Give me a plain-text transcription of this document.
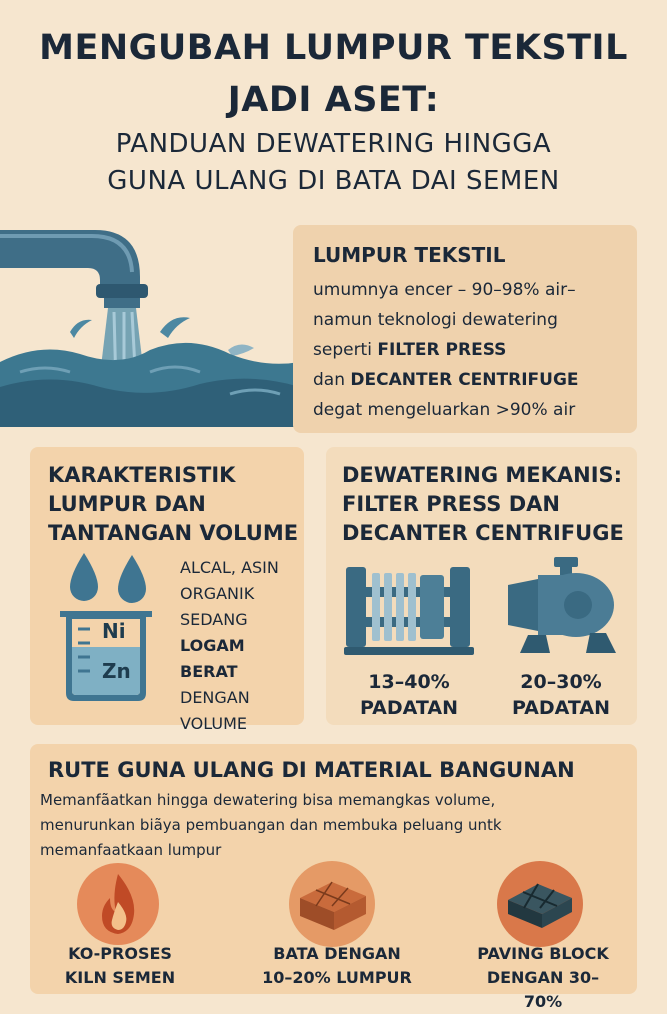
MENGUBAH LUMPUR TEKSTIL
JADI ASET:
PANDUAN DEWATERING HINGGA
GUNA ULANG DI BATA DAI SEMEN
LUMPUR TEKSTIL
umumnya encer – 90–98% air–
namun teknologi dewatering
seperti FILTER PRESS
dan DECANTER CENTRIFUGE
degat mengeluarkan >90% air
KARAKTERISTIK
LUMPUR DAN
TANTANGAN VOLUME
Ni
Zn
ALCAL, ASIN
ORGANIK
SEDANG
LOGAM BERAT
DENGAN
VOLUME
DEWATERING MEKANIS:
FILTER PRESS DAN
DECANTER CENTRIFUGE
13–40%
PADATAN
20–30%
PADATAN
RUTE GUNA ULANG DI MATERIAL BANGUNAN
Memanfãatkan hingga dewatering bisa memangkas volume,
menurunkan biãya pembuangan dan membuka peluang untk
memanfaatkaan lumpur
KO-PROSES
KILN SEMEN
BATA DENGAN
10–20% LUMPUR
PAVING BLOCK
DENGAN 30–70%
